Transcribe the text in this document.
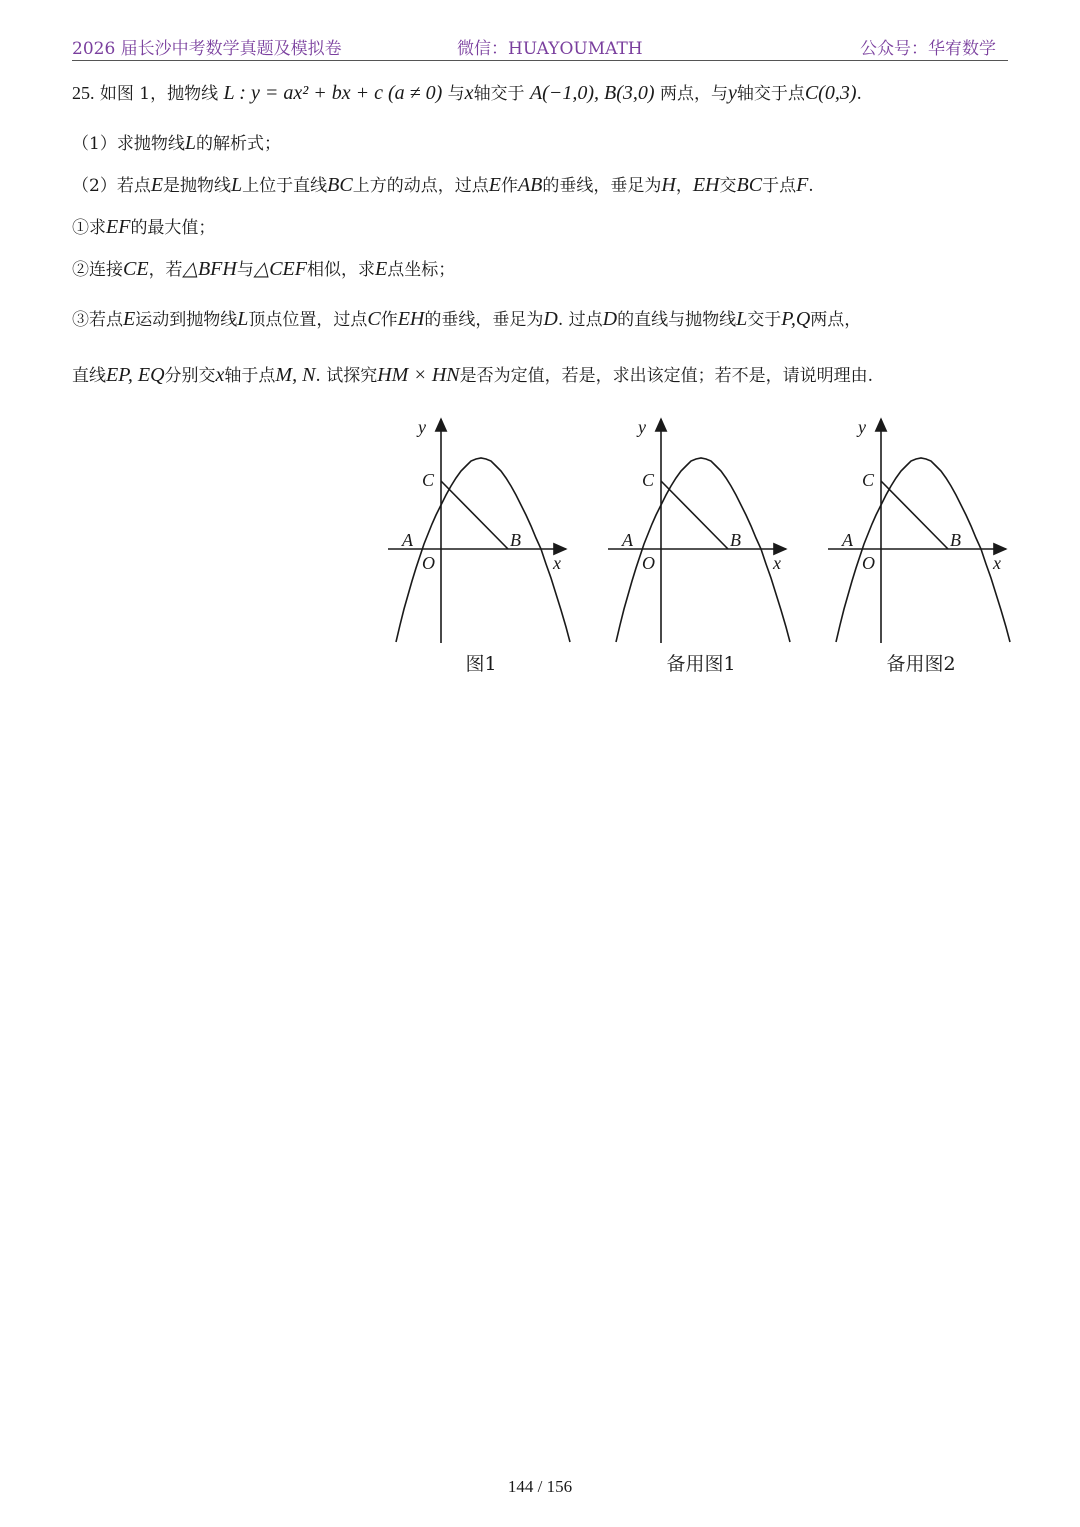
2026 届长沙中考数学真题及模拟卷	微信：HUAYOUMATH	公众号：华宥数学
25. 如图 1，抛物线 L : y = ax² + bx + c (a ≠ 0) 与x轴交于 A(−1,0), B(3,0) 两点，与y轴交于点C(0,3).
（1）求抛物线L的解析式；
（2）若点E是抛物线L上位于直线BC上方的动点，过点E作AB的垂线，垂足为H，EH交BC于点F.
①求EF的最大值；
②连接CE，若△BFH与△CEF相似，求E点坐标；
③若点E运动到抛物线L顶点位置，过点C作EH的垂线，垂足为D. 过点D的直线与抛物线L交于P,Q两点，
直线EP, EQ分别交x轴于点M, N. 试探究HM × HN是否为定值，若是，求出该定值；若不是，请说明理由.
y
C
A
O
B
x
图1
y
C
A
O
B
x
备用图1
y
C
A
O
B
x
备用图2
144 / 156
